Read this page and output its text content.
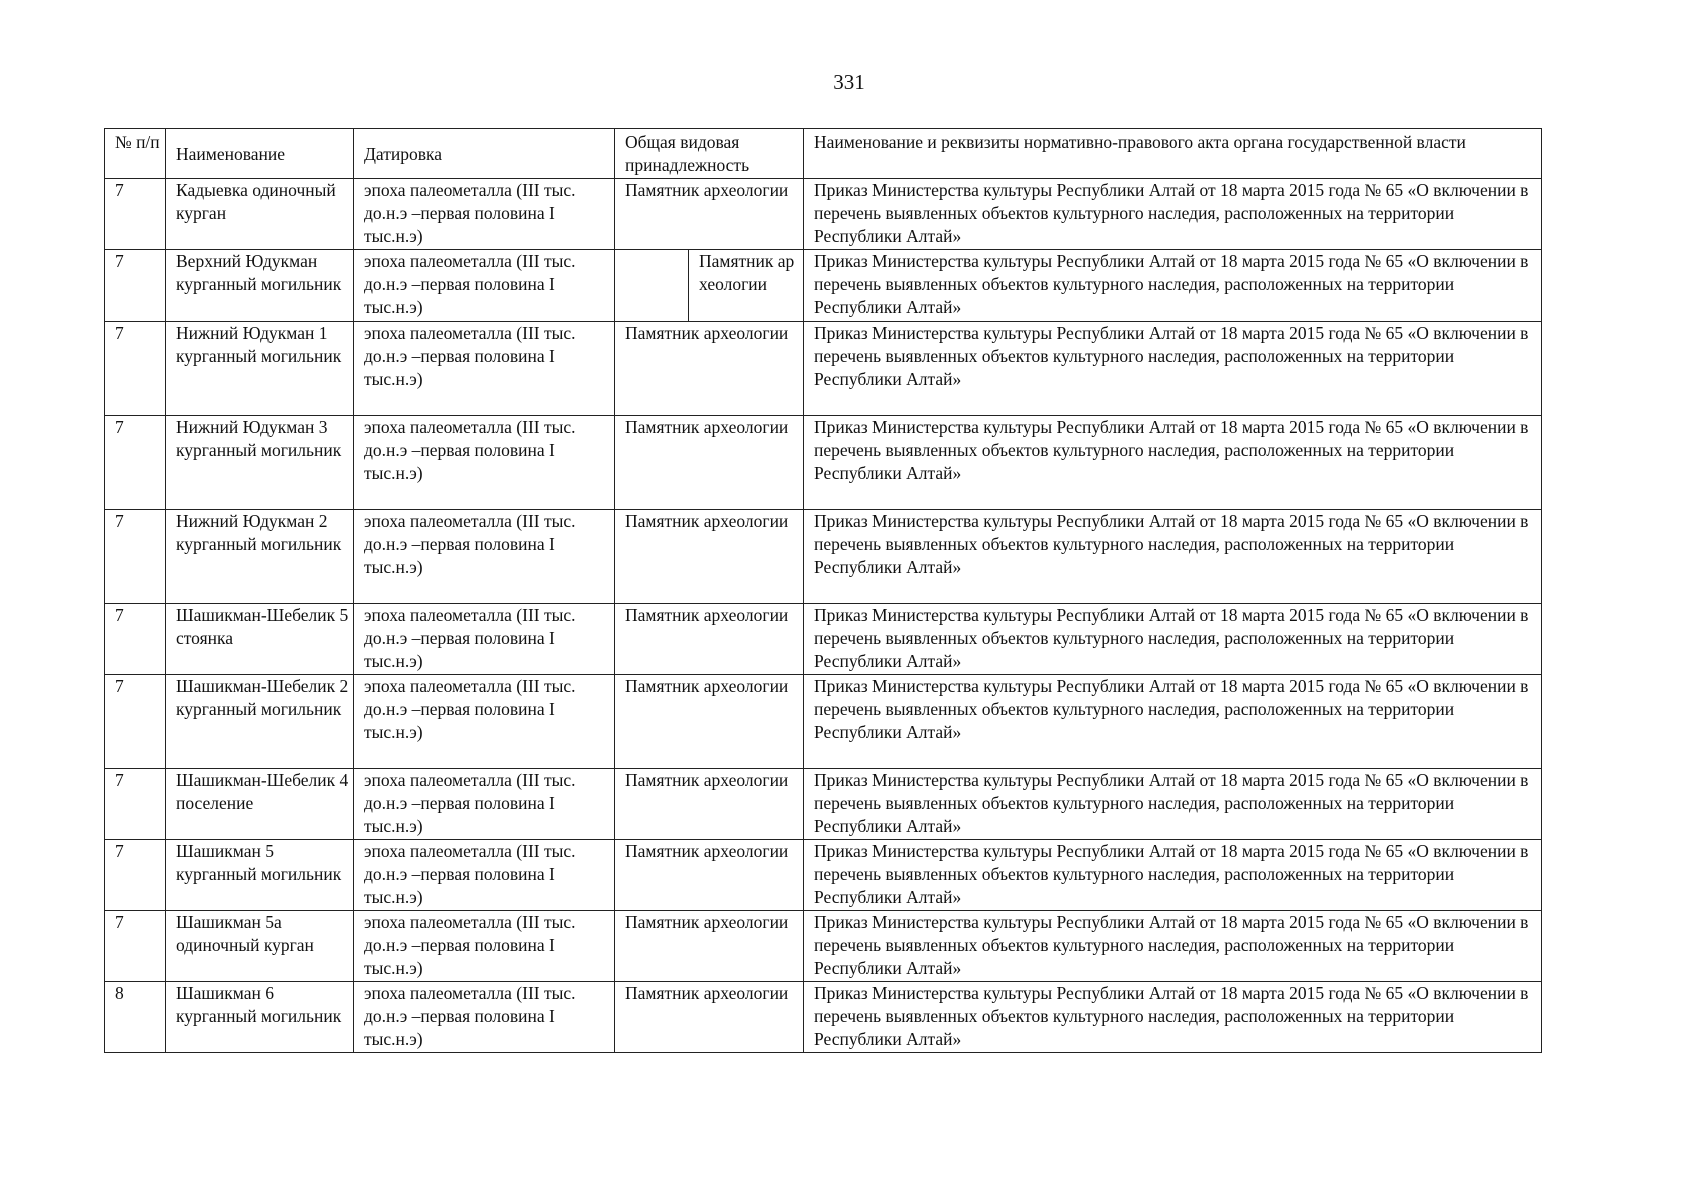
331
№ п/п	Наименование	Датировка	Общая видовая принадлежность	Наименование и реквизиты нормативно-правового акта органа государственной власти
7	Кадыевка одиночный курган	эпоха палеометалла (III тыс. до.н.э –первая половина I тыс.н.э)	Памятник археологии	Приказ Министерства культуры Республики Алтай от 18 марта 2015 года № 65 «О включении в перечень выявленных объектов культурного наследия, расположенных на территории Республики Алтай»
7	Верхний Юдукман курганный могильник	эпоха палеометалла (III тыс. до.н.э –первая половина I тыс.н.э)	Памятник археологии	Приказ Министерства культуры Республики Алтай от 18 марта 2015 года № 65 «О включении в перечень выявленных объектов культурного наследия, расположенных на территории Республики Алтай»
7	Нижний Юдукман 1 курганный могильник	эпоха палеометалла (III тыс. до.н.э –первая половина I тыс.н.э)	Памятник археологии	Приказ Министерства культуры Республики Алтай от 18 марта 2015 года № 65 «О включении в перечень выявленных объектов культурного наследия, расположенных на территории Республики Алтай»
7	Нижний Юдукман 3 курганный могильник	эпоха палеометалла (III тыс. до.н.э –первая половина I тыс.н.э)	Памятник археологии	Приказ Министерства культуры Республики Алтай от 18 марта 2015 года № 65 «О включении в перечень выявленных объектов культурного наследия, расположенных на территории Республики Алтай»
7	Нижний Юдукман 2 курганный могильник	эпоха палеометалла (III тыс. до.н.э –первая половина I тыс.н.э)	Памятник археологии	Приказ Министерства культуры Республики Алтай от 18 марта 2015 года № 65 «О включении в перечень выявленных объектов культурного наследия, расположенных на территории Республики Алтай»
7	Шашикман-Шебелик 5 стоянка	эпоха палеометалла (III тыс. до.н.э –первая половина I тыс.н.э)	Памятник археологии	Приказ Министерства культуры Республики Алтай от 18 марта 2015 года № 65 «О включении в перечень выявленных объектов культурного наследия, расположенных на территории Республики Алтай»
7	Шашикман-Шебелик 2 курганный могильник	эпоха палеометалла (III тыс. до.н.э –первая половина I тыс.н.э)	Памятник археологии	Приказ Министерства культуры Республики Алтай от 18 марта 2015 года № 65 «О включении в перечень выявленных объектов культурного наследия, расположенных на территории Республики Алтай»
7	Шашикман-Шебелик 4 поселение	эпоха палеометалла (III тыс. до.н.э –первая половина I тыс.н.э)	Памятник археологии	Приказ Министерства культуры Республики Алтай от 18 марта 2015 года № 65 «О включении в перечень выявленных объектов культурного наследия, расположенных на территории Республики Алтай»
7	Шашикман 5 курганный могильник	эпоха палеометалла (III тыс. до.н.э –первая половина I тыс.н.э)	Памятник археологии	Приказ Министерства культуры Республики Алтай от 18 марта 2015 года № 65 «О включении в перечень выявленных объектов культурного наследия, расположенных на территории Республики Алтай»
7	Шашикман 5а одиночный курган	эпоха палеометалла (III тыс. до.н.э –первая половина I тыс.н.э)	Памятник археологии	Приказ Министерства культуры Республики Алтай от 18 марта 2015 года № 65 «О включении в перечень выявленных объектов культурного наследия, расположенных на территории Республики Алтай»
8	Шашикман 6 курганный могильник	эпоха палеометалла (III тыс. до.н.э –первая половина I тыс.н.э)	Памятник археологии	Приказ Министерства культуры Республики Алтай от 18 марта 2015 года № 65 «О включении в перечень выявленных объектов культурного наследия, расположенных на территории Республики Алтай»
